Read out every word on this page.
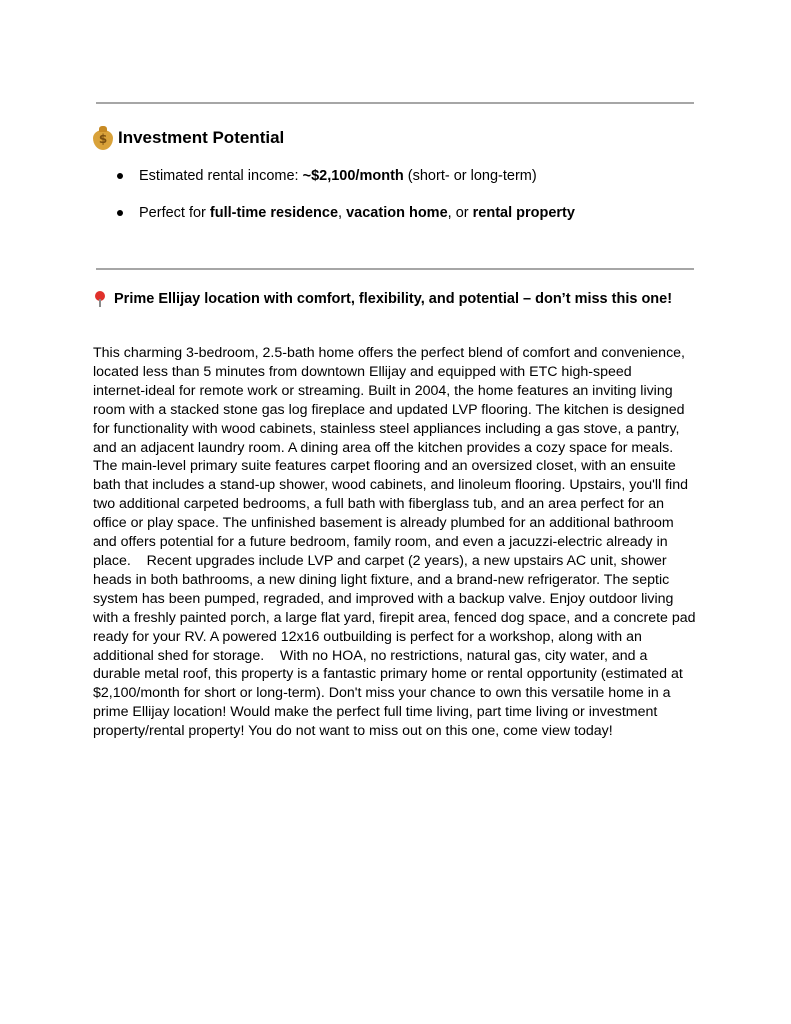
$
Investment Potential
Estimated rental income: ~$2,100/month (short- or long-term)
Perfect for full-time residence, vacation home, or rental property
Prime Ellijay location with comfort, flexibility, and potential – don’t miss this one!

This charming 3-bedroom, 2.5-bath home offers the perfect blend of comfort and convenience,
located less than 5 minutes from downtown Ellijay and equipped with ETC high-speed
internet-ideal for remote work or streaming. Built in 2004, the home features an inviting living
room with a stacked stone gas log fireplace and updated LVP flooring. The kitchen is designed
for functionality with wood cabinets, stainless steel appliances including a gas stove, a pantry,
and an adjacent laundry room. A dining area off the kitchen provides a cozy space for meals.
The main-level primary suite features carpet flooring and an oversized closet, with an ensuite
bath that includes a stand-up shower, wood cabinets, and linoleum flooring. Upstairs, you'll find
two additional carpeted bedrooms, a full bath with fiberglass tub, and an area perfect for an
office or play space. The unfinished basement is already plumbed for an additional bathroom
and offers potential for a future bedroom, family room, and even a jacuzzi-electric already in
place.    Recent upgrades include LVP and carpet (2 years), a new upstairs AC unit, shower
heads in both bathrooms, a new dining light fixture, and a brand-new refrigerator. The septic
system has been pumped, regraded, and improved with a backup valve. Enjoy outdoor living
with a freshly painted porch, a large flat yard, firepit area, fenced dog space, and a concrete pad
ready for your RV. A powered 12x16 outbuilding is perfect for a workshop, along with an
additional shed for storage.    With no HOA, no restrictions, natural gas, city water, and a
durable metal roof, this property is a fantastic primary home or rental opportunity (estimated at
$2,100/month for short or long-term). Don't miss your chance to own this versatile home in a
prime Ellijay location! Would make the perfect full time living, part time living or investment
property/rental property! You do not want to miss out on this one, come view today!
